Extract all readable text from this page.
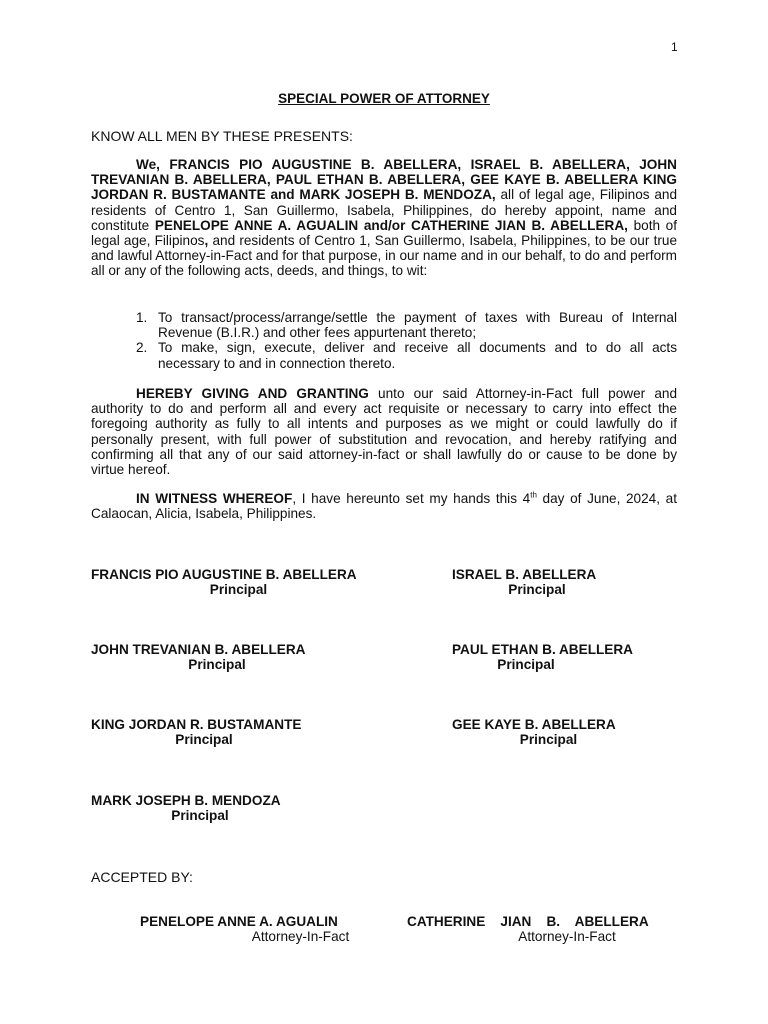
1
SPECIAL POWER OF ATTORNEY
KNOW ALL MEN BY THESE PRESENTS:
We, FRANCIS PIO AUGUSTINE B. ABELLERA, ISRAEL B. ABELLERA, JOHN TREVANIAN B. ABELLERA, PAUL ETHAN B. ABELLERA, GEE KAYE B. ABELLERA KING JORDAN R. BUSTAMANTE and MARK JOSEPH B. MENDOZA, all of legal age, Filipinos and residents of Centro 1, San Guillermo, Isabela, Philippines, do hereby appoint, name and constitute PENELOPE ANNE A. AGUALIN and/or CATHERINE JIAN B. ABELLERA, both of legal age, Filipinos, and residents of Centro 1, San Guillermo, Isabela, Philippines, to be our true and lawful Attorney-in-Fact and for that purpose, in our name and in our behalf, to do and perform all or any of the following acts, deeds, and things, to wit:
1. To transact/process/arrange/settle the payment of taxes with Bureau of Internal Revenue (B.I.R.) and other fees appurtenant thereto;
2. To make, sign, execute, deliver and receive all documents and to do all acts necessary to and in connection thereto.
HEREBY GIVING AND GRANTING unto our said Attorney-in-Fact full power and authority to do and perform all and every act requisite or necessary to carry into effect the foregoing authority as fully to all intents and purposes as we might or could lawfully do if personally present, with full power of substitution and revocation, and hereby ratifying and confirming all that any of our said attorney-in-fact or shall lawfully do or cause to be done by virtue hereof.
IN WITNESS WHEREOF, I have hereunto set my hands this 4th day of June, 2024, at Calaocan, Alicia, Isabela, Philippines.
FRANCIS PIO AUGUSTINE B. ABELLERA
Principal
ISRAEL B. ABELLERA
Principal
JOHN TREVANIAN B. ABELLERA
Principal
PAUL ETHAN B. ABELLERA
Principal
KING JORDAN R. BUSTAMANTE
Principal
GEE KAYE B. ABELLERA
Principal
MARK JOSEPH B. MENDOZA
Principal
ACCEPTED BY:
PENELOPE ANNE A. AGUALIN
Attorney-In-Fact
CATHERINE    JIAN    B.    ABELLERA
Attorney-In-Fact
